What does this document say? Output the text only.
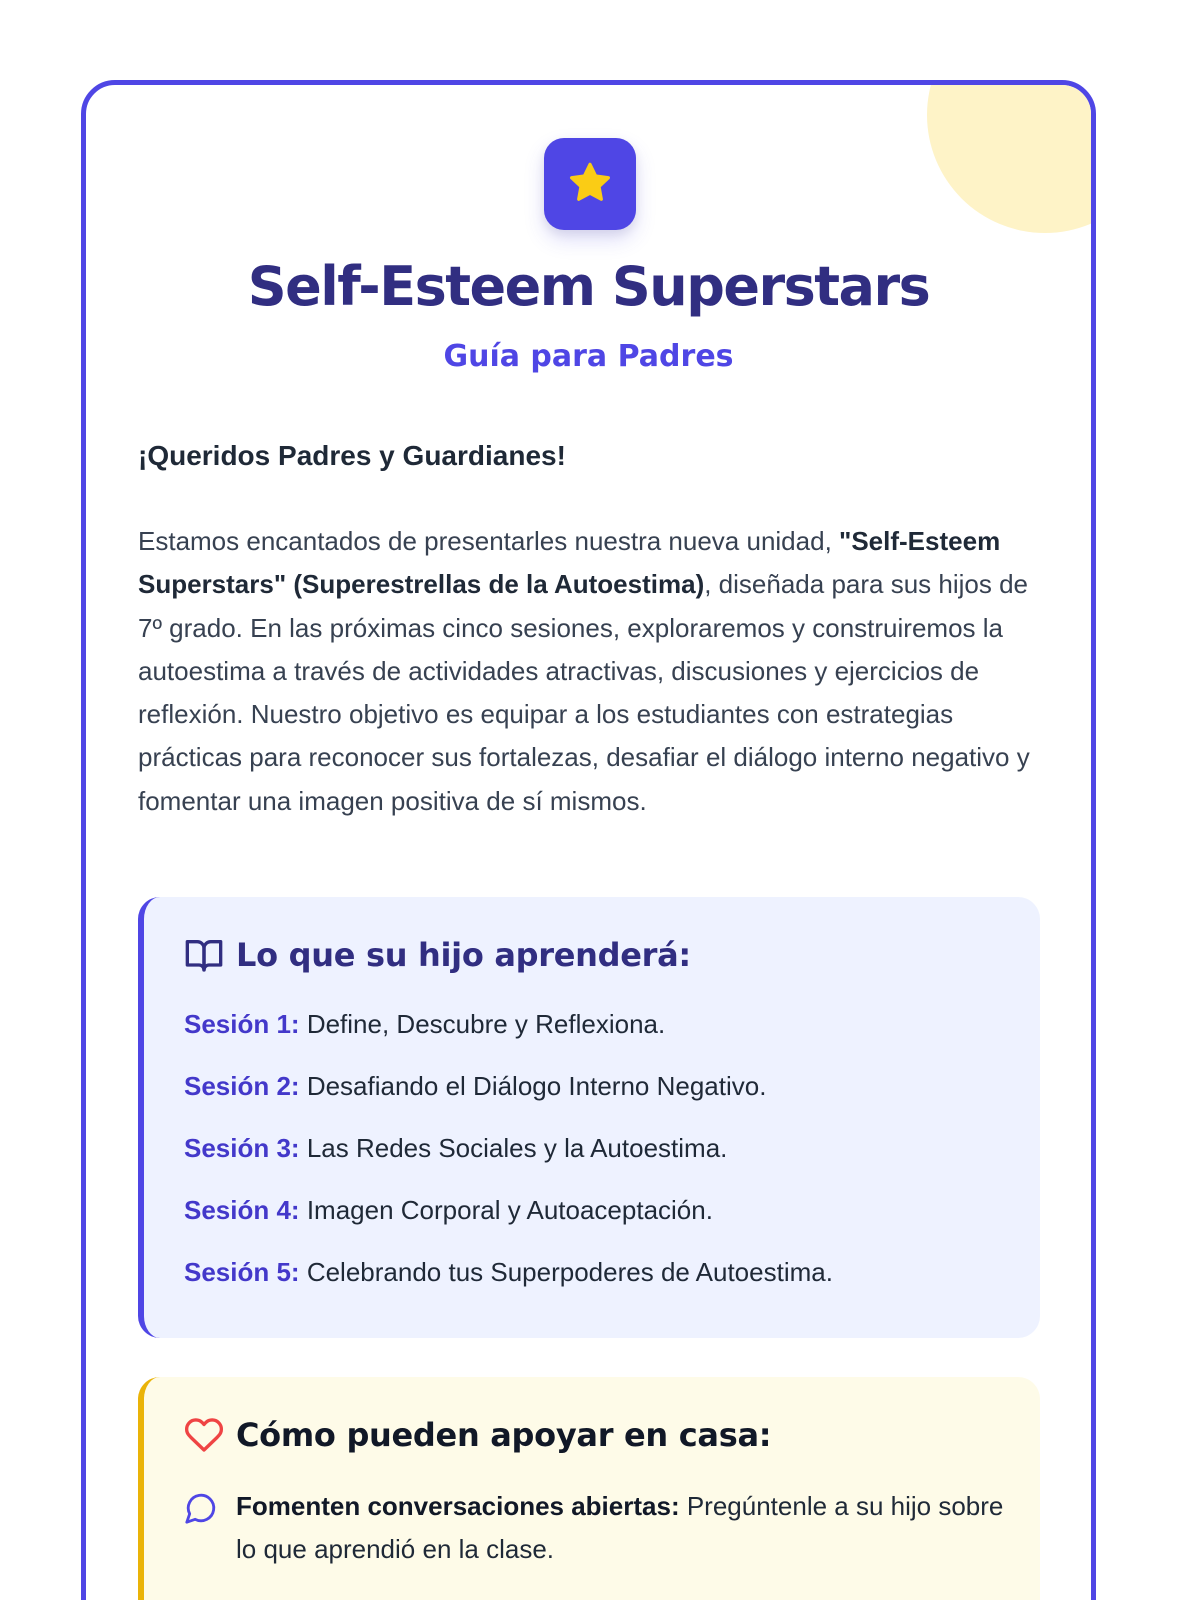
Self-Esteem Superstars
Guía para Padres

¡Queridos Padres y Guardianes!

Estamos encantados de presentarles nuestra nueva unidad, "Self-Esteem Superstars" (Superestrellas de la Autoestima), diseñada para sus hijos de 7º grado. En las próximas cinco sesiones, exploraremos y construiremos la autoestima a través de actividades atractivas, discusiones y ejercicios de reflexión. Nuestro objetivo es equipar a los estudiantes con estrategias prácticas para reconocer sus fortalezas, desafiar el diálogo interno negativo y fomentar una imagen positiva de sí mismos.

Lo que su hijo aprenderá:
Sesión 1: Define, Descubre y Reflexiona.
Sesión 2: Desafiando el Diálogo Interno Negativo.
Sesión 3: Las Redes Sociales y la Autoestima.
Sesión 4: Imagen Corporal y Autoaceptación.
Sesión 5: Celebrando tus Superpoderes de Autoestima.
Cómo pueden apoyar en casa:

Fomenten conversaciones abiertas: Pregúntenle a su hijo sobre lo que aprendió en la clase.
